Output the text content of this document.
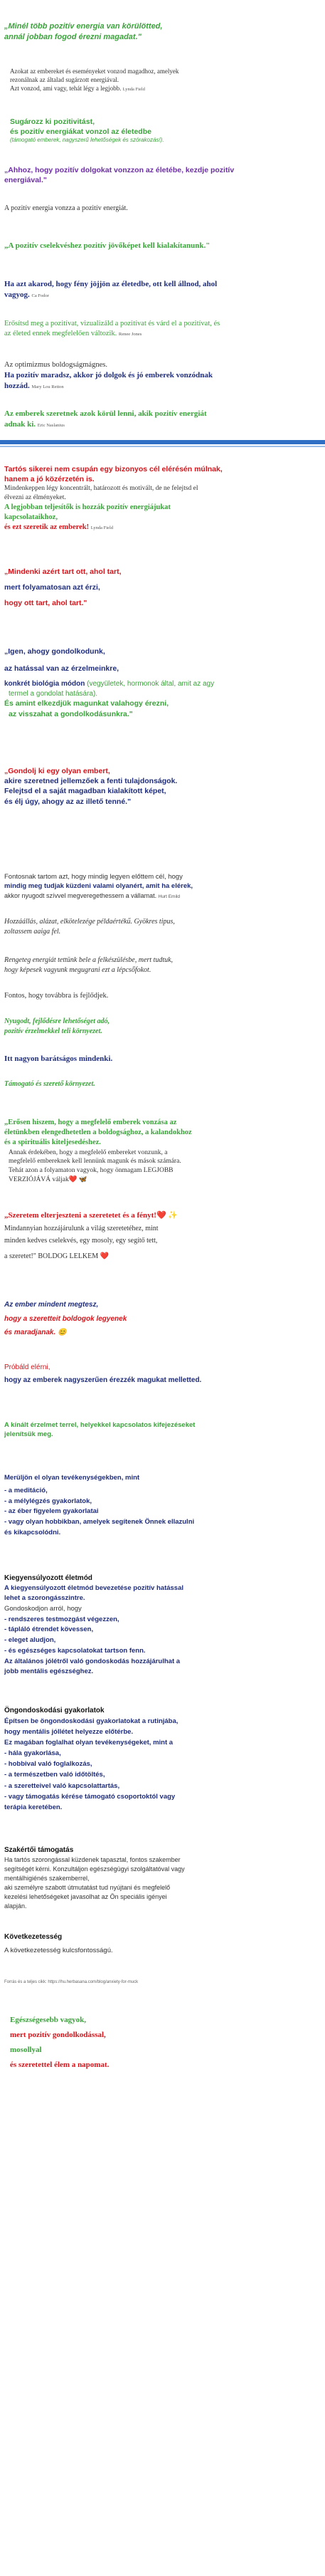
„Minél több pozitív energia van körülötted,

annál jobban fogod érezni magadat."

Azokat az embereket és eseményeket vonzod magadhoz, amelyek

rezonálnak az általad sugárzott energiával.

Azt vonzod, ami vagy, tehát légy a legjobb. Lynda Field

Sugározz ki pozitivitást,

és pozitív energiákat vonzol az életedbe

(támogató emberek, nagyszerű lehetőségek és szórakozás!).

„Ahhoz, hogy pozitív dolgokat vonzzon az életébe, kezdje pozitív

energiával."

A pozitív energia vonzza a pozitív energiát.

„A pozitív cselekvéshez pozitív jövőképet kell kialakítanunk."

Ha azt akarod, hogy fény jöjjön az életedbe, ott kell állnod, ahol

vagyog. Ca Fodor

Erősítsd meg a pozitívat, vizualizáld a pozitívat és várd el a pozitívat, és

az életed ennek megfelelően változik. Renee Jones

Az optimizmus boldogságmágnes.

Ha pozitív maradsz, akkor jó dolgok és jó emberek vonzódnak

hozzád. Mary Lou Retton

Az emberek szeretnek azok körül lenni, akik pozitív energiát

adnak ki. Eric Naslanius

Tartós sikerei nem csupán egy bizonyos cél elérésén múlnak,

hanem a jó közérzetén is.

Mindenkeppen légy koncentrált, határozott és motivált, de ne felejtsd el

élvezni az élményeket.

A legjobban teljesítők is hozzák pozitív energiájukat

kapcsolataikhoz,

és ezt szeretik az emberek! Lynda Field

„Mindenki azért tart ott, ahol tart,

mert folyamatosan azt érzi,

hogy ott tart, ahol tart."

„Igen, ahogy gondolkodunk,

az hatással van az érzelmeinkre,

konkrét biológia módon (vegyületek, hormonok által, amit az agy

termel a gondolat hatására).

És amint elkezdjük magunkat valahogy érezni,

az visszahat a gondolkodásunkra."

„Gondolj ki egy olyan embert,

akire szeretned jellemzőek a fenti tulajdonságok.

Felejtsd el a saját magadban kialakított képet,

és élj úgy, ahogy az az illető tenné."

Fontosnak tartom azt, hogy mindig legyen előttem cél, hogy

mindig meg tudjak küzdeni valami olyanért, amit ha elérek,

akkor nyugodt szívvel megveregethessem a vállamat. Hurt Emild

Hozzáállás, alázat, elkötelezége példaértékű. Gyökres tipus,

zoltassem aaiga fel.

Rengeteg energiát tettünk bele a felkészülésbe, mert tudtuk,

hogy képesek vagyunk megugrani ezt a lépcsőfokot.

Fontos, hogy továbbra is fejlődjek.

Nyugodt, fejlődésre lehetőséget adó,

pozitív érzelmekkel teli környezet.

Itt nagyon barátságos mindenki.

Támogató és szerető környezet.

„Erősen hiszem, hogy a megfelelő emberek vonzása az

életünkben elengedhetetlen a boldogsághoz, a kalandokhoz

és a spirituális kiteljesedéshez.

Annak érdekében, hogy a megfelelő embereket vonzunk, a

megfelelő embereknek kell lennünk magunk és mások számára.

Tehát azon a folyamaton vagyok, hogy önmagam LEGJOBB

VERZIÓJÁVÁ váljak❤️ 🦋

„Szeretem elterjeszteni a szeretetet és a fényt!❤️ ✨

Mindannyian hozzájárulunk a világ szeretetéhez, mint

minden kedves cselekvés, egy mosoly, egy segítő tett,

a szeretet!" BOLDOG LELKEM ❤️

Az ember mindent megtesz,

hogy a szeretteit boldogok legyenek

és maradjanak. 😊

Próbáld elérni,

hogy az emberek nagyszerűen érezzék magukat melletted.

A kínált érzelmet terrel, helyekkel kapcsolatos kifejezéseket

jelenítsük meg.

Merüljön el olyan tevékenységekben, mint

- a meditáció,
- a mélylégzés gyakorlatok,
- az éber figyelem gyakorlatai
- vagy olyan hobbikban, amelyek segítenek Önnek ellazulni
és kikapcsolódni.

Kiegyensúlyozott életmód

A kiegyensúlyozott életmód bevezetése pozitív hatással

lehet a szorongásszintre.

Gondoskodjon arról, hogy

- rendszeres testmozgást végezzen,

- tápláló étrendet kövessen,

- eleget aludjon,

- és egészséges kapcsolatokat tartson fenn.

Az általános jólétről való gondoskodás hozzájárulhat a

jobb mentális egészséghez.

Öngondoskodási gyakorlatok

Építsen be öngondoskodási gyakorlatokat a rutinjába,

hogy mentális jóllétet helyezze előtérbe.

Ez magában foglalhat olyan tevékenységeket, mint a

- hála gyakorlása,

- hobbival való foglalkozás,

- a természetben való időtöltés,

- a szeretteivel való kapcsolattartás,

- vagy támogatás kérése támogató csoportoktól vagy

terápia keretében.

Szakértői támogatás

Ha tartós szorongással küzdenek tapasztal, fontos szakember

segítségét kérni. Konzultáljon egészségügyi szolgáltatóval vagy

mentálhigiénés szakemberrel,

aki személyre szabott útmutatást tud nyújtani és megfelelő

kezelési lehetőségeket javasolhat az Ön speciális igényei

alapján.

Következetesség

A következetesség kulcsfontosságú.

Forrás és a teljes cikk: https://hu.herbasana.com/blog/anxiety-for-muck

Egészségesebb vagyok,

mert pozitív gondolkodással,

mosollyal

és szeretettel élem a napomat.
